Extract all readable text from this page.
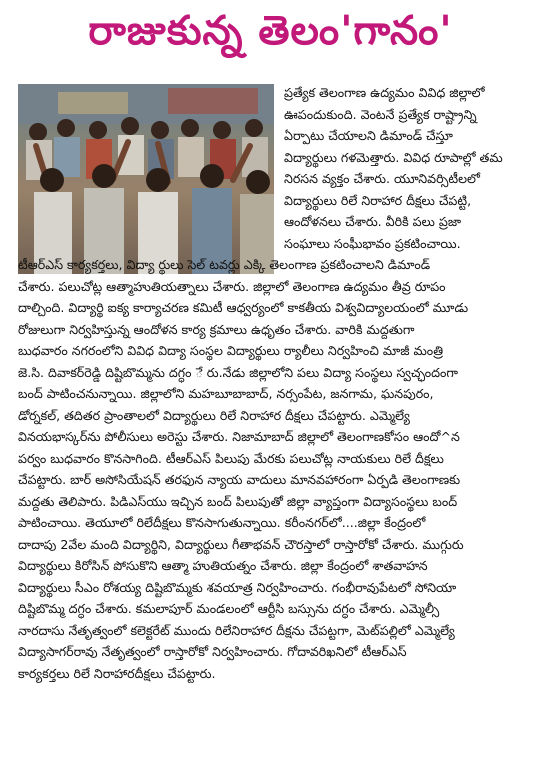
రాజుకున్న తెలం'గానం'
ప్రత్యేక తెలంగాణ ఉద్యమం వివిధ జిల్లాలో
ఊపందుకుంది. వెంటనే ప్రత్యేక రాష్ట్రాన్ని
ఏర్పాటు చేయాలని డిమాండ్ చేస్తూ
విద్యార్థులు గళమెత్తారు. వివిధ రూపాల్లో తమ
నిరసన వ్యక్తం చేశారు. యూనివర్సిటీలలో
విద్యార్థులు రిలే నిరాహార దీక్షలు చేపట్టి,
ఆందోళనలు చేశారు. వీరికి పలు ప్రజా
సంఘాలు సంఘీభావం ప్రకటించాయి.
టీఆర్ఎస్ కార్యకర్తలు, విద్యా ర్థులు సెల్ టవర్లు ఎక్కి తెలంగాణ ప్రకటించాలని డిమాండ్
చేశారు. పలుచోట్ల ఆత్మాహుతియత్నాలు చేశారు. జిల్లాలో తెలంగాణ ఉద్యమం తీవ్ర రూపం
దాల్చింది. విద్యార్థి ఐక్య కార్యాచరణ కమిటీ ఆధ్వర్యంలో కాకతీయ విశ్వవిద్యాలయంలో మూడు
రోజులుగా నిర్వహిస్తున్న ఆందోళన కార్య క్రమాలు ఉధృతం చేశారు. వారికి మద్దతుగా
బుధవారం నగరంలోని వివిధ విద్యా సంస్థల విద్యార్థులు ర్యాలీలు నిర్వహించి మాజీ మంత్రి
జె.సి. దివాకర్‌రెడ్డి దిష్టిబొమ్మను దగ్ధం ‌ే రు.నేడు జిల్లాలోని పలు విద్యా సంస్థలు స్వచ్ఛందంగా
బంద్ పాటించనున్నాయి. జిల్లాలోని మహబూబాబాద్, నర్సంపేట, జనగామ, ఘనపురం,
డోర్నకల్, తదితర ప్రాంతాలలో విద్యార్థులు రిలే నిరాహార దీక్షలు చేపట్టారు. ఎమ్మెల్యే
వినయభాస్కర్‌ను పోలీసులు అరెస్టు చేశారు. నిజామాబాద్ జిల్లాలో తెలంగాణకోసం ఆందో^న
పర్వం బుధవారం కొనసాగింది. టీఆర్ఎస్ పిలుపు మేరకు పలుచోట్ల నాయకులు రిలే దీక్షలు
చేపట్టారు. బార్ అసోసియేషన్ తరఫున న్యాయ వాదులు మానవహారంగా ఏర్పడి తెలంగాణకు
మద్దతు తెలిపారు. పిడిఎస్‌యు ఇచ్చిన బంద్ పిలుపుతో జిల్లా వ్యాప్తంగా విద్యాసంస్థలు బంద్
పాటించాయి. తెయూలో రిలేదీక్షలు కొనసాగుతున్నాయి. కరీంనగర్‌లో....జిల్లా కేంద్రంలో
దాదాపు 2వేల మంది విద్యార్థిని, విద్యార్థులు గీతాభవన్ చౌరస్తాలో రాస్తారోకో చేశారు. ముగ్గురు
విద్యార్థులు కిరోసిన్ పోసుకొని ఆత్మా హుతియత్నం చేశారు. జిల్లా కేంద్రంలో శాతవాహన
విద్యార్థులు సీఎం రోశయ్య దిష్టిబొమ్మకు శవయాత్ర నిర్వహించారు. గంభీరావుపేటలో సోనియా
దిష్టిబొమ్మ దగ్ధం చేశారు. కమలాపూర్ మండలంలో ఆర్టీసి బస్సును దగ్ధం చేశారు. ఎమ్మెల్సీ
నారదాసు నేతృత్వంలో కలెక్టరేట్ ముందు రిలేనిరాహార దీక్షను చేపట్టగా, మెట్‌పల్లిలో ఎమ్మెల్యే
విద్యాసాగర్‌రావు నేతృత్వంలో రాస్తారోకో నిర్వహించారు. గోదావరిఖనిలో టీఆర్ఎస్
కార్యకర్తలు రిలే నిరాహారదీక్షలు చేపట్టారు.
